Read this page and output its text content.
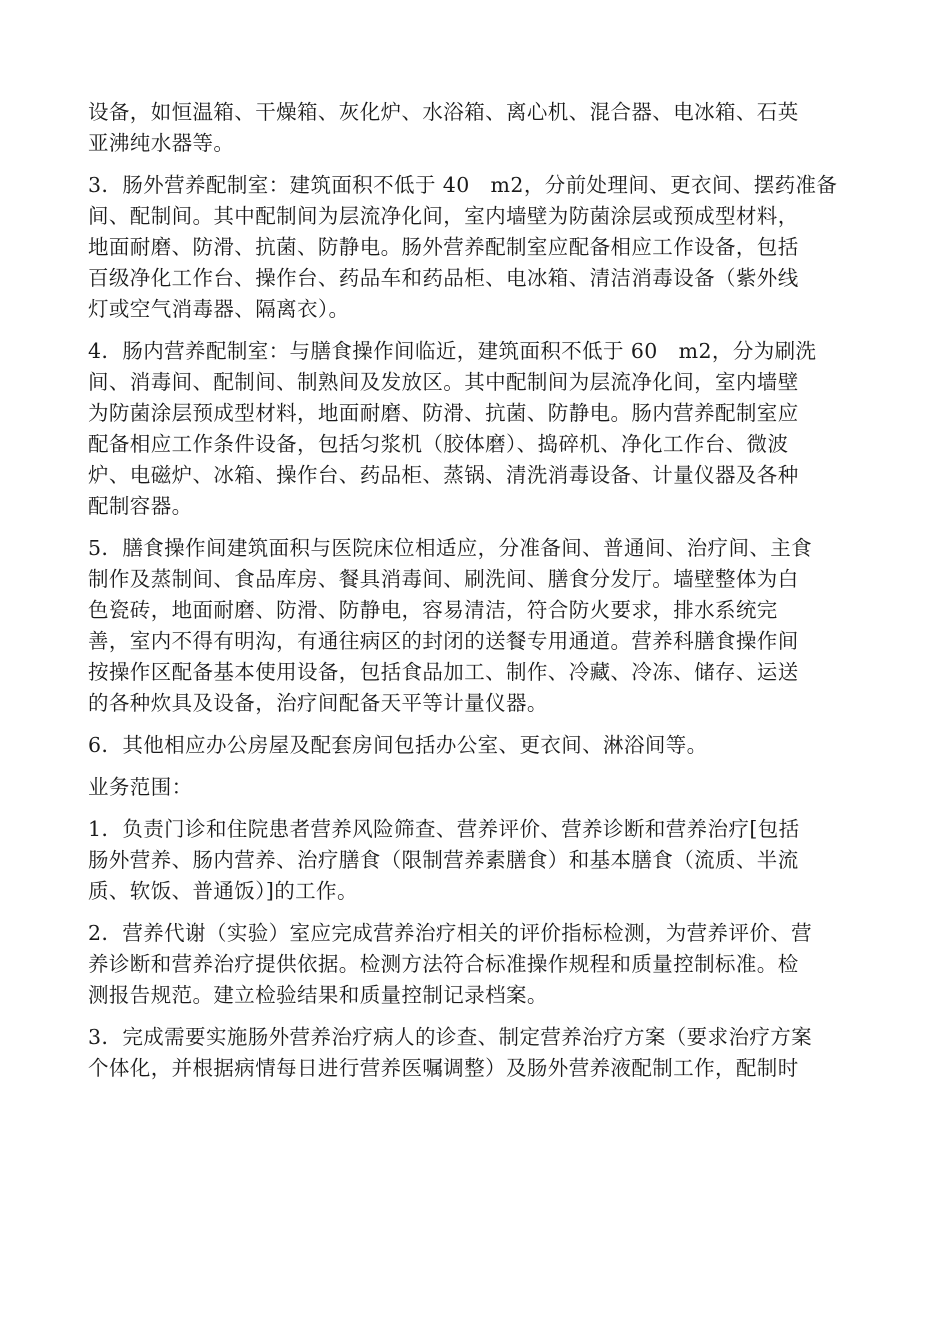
设备，如恒温箱、干燥箱、灰化炉、水浴箱、离心机、混合器、电冰箱、石英
亚沸纯水器等。

3．肠外营养配制室：建筑面积不低于 40　m2，分前处理间、更衣间、摆药准备
间、配制间。其中配制间为层流净化间，室内墙壁为防菌涂层或预成型材料，
地面耐磨、防滑、抗菌、防静电。肠外营养配制室应配备相应工作设备，包括
百级净化工作台、操作台、药品车和药品柜、电冰箱、清洁消毒设备（紫外线
灯或空气消毒器、隔离衣）。

4．肠内营养配制室：与膳食操作间临近，建筑面积不低于 60　m2，分为刷洗
间、消毒间、配制间、制熟间及发放区。其中配制间为层流净化间，室内墙壁
为防菌涂层预成型材料，地面耐磨、防滑、抗菌、防静电。肠内营养配制室应
配备相应工作条件设备，包括匀浆机（胶体磨）、捣碎机、净化工作台、微波
炉、电磁炉、冰箱、操作台、药品柜、蒸锅、清洗消毒设备、计量仪器及各种
配制容器。

5．膳食操作间建筑面积与医院床位相适应，分准备间、普通间、治疗间、主食
制作及蒸制间、食品库房、餐具消毒间、刷洗间、膳食分发厅。墙壁整体为白
色瓷砖，地面耐磨、防滑、防静电，容易清洁，符合防火要求，排水系统完
善，室内不得有明沟，有通往病区的封闭的送餐专用通道。营养科膳食操作间
按操作区配备基本使用设备，包括食品加工、制作、冷藏、冷冻、储存、运送
的各种炊具及设备，治疗间配备天平等计量仪器。

6．其他相应办公房屋及配套房间包括办公室、更衣间、淋浴间等。

业务范围：

1．负责门诊和住院患者营养风险筛查、营养评价、营养诊断和营养治疗[包括
肠外营养、肠内营养、治疗膳食（限制营养素膳食）和基本膳食（流质、半流
质、软饭、普通饭）]的工作。

2．营养代谢（实验）室应完成营养治疗相关的评价指标检测，为营养评价、营
养诊断和营养治疗提供依据。检测方法符合标准操作规程和质量控制标准。检
测报告规范。建立检验结果和质量控制记录档案。

3．完成需要实施肠外营养治疗病人的诊查、制定营养治疗方案（要求治疗方案
个体化，并根据病情每日进行营养医嘱调整）及肠外营养液配制工作，配制时
